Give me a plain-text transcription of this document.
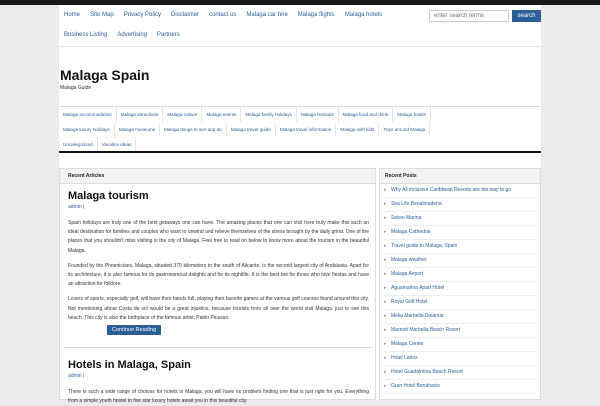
Home	Site Map	Privacy Policy	Disclaimer	contact us	Malaga car hire	Malaga flights	Malaga hotels
Business Listing	Advertising	Partners
enter search terms
search
Malaga Spain
Malaga Guide
Malaga accommodation	Malaga attractions	Malaga culture	Malaga events	Malaga family holidays	Malaga festivals	Malaga food and drink	Malaga hotels
Malaga luxury holidays	Malaga museums	Malaga things to see and do	Malaga travel guide	Malaga travel information	Malaga with kids	Trips around Malaga
Uncategorized	Vacation ideas
Recent Articles
Malaga tourism
admin |

Spain holidays are truly one of the best getaways one can have. The amazing places that one can visit here truly make this such an ideal destination for families and couples who want to unwind and relieve themselves of the stress brought by the daily grind. One of the places that you shouldn't miss visiting is the city of Malaga. Feel free to read on below to know more about the tourism in the beautiful Malaga.

Founded by the Phoenicians, Malaga, situated 370 kilometers to the south of Alicante, is the second largest city of Andalusia. Apart for its architecture, it is also famous for its gastronomical delights and for its nightlife. It is the best bet for those who love fiestas and have an attraction for folklore.

Lovers of sports, especially golf, will have their hands full, playing their favorite games at the various golf courses found around this city. Not mentioning about Costa de sol would be a great injustice, because tourists from all over the world visit Malaga, just to see this beach. This city is also the birthplace of the famous artist, Pablo Picasso.

Continue Reading
Hotels in Malaga, Spain
admin |

There is such a wide range of choices for hotels in Malaga, you will have no problem finding one that is just right for you. Everything from a simple youth hostel to five star luxury hotels await you in this beautiful city.

Recent Posts
▸ Why All inclusive Caribbean Resorts are the way to go
▸ Sea Life Benalmadena
▸ Selwo Marina
▸ Malaga Cathedral
▸ Travel guide to Malaga, Spain
▸ Malaga weather
▸ Malaga Airport
▸ Aguamarina Apart Hotel
▸ Royal Golf Hotel
▸ Melia Marbella Dinamar
▸ Marriott Marbella Beach Resort
▸ Malaga Center
▸ Hotel Larios
▸ Hotel Guadalmina Beach Resort
▸ Gran Hotel Benahavis
